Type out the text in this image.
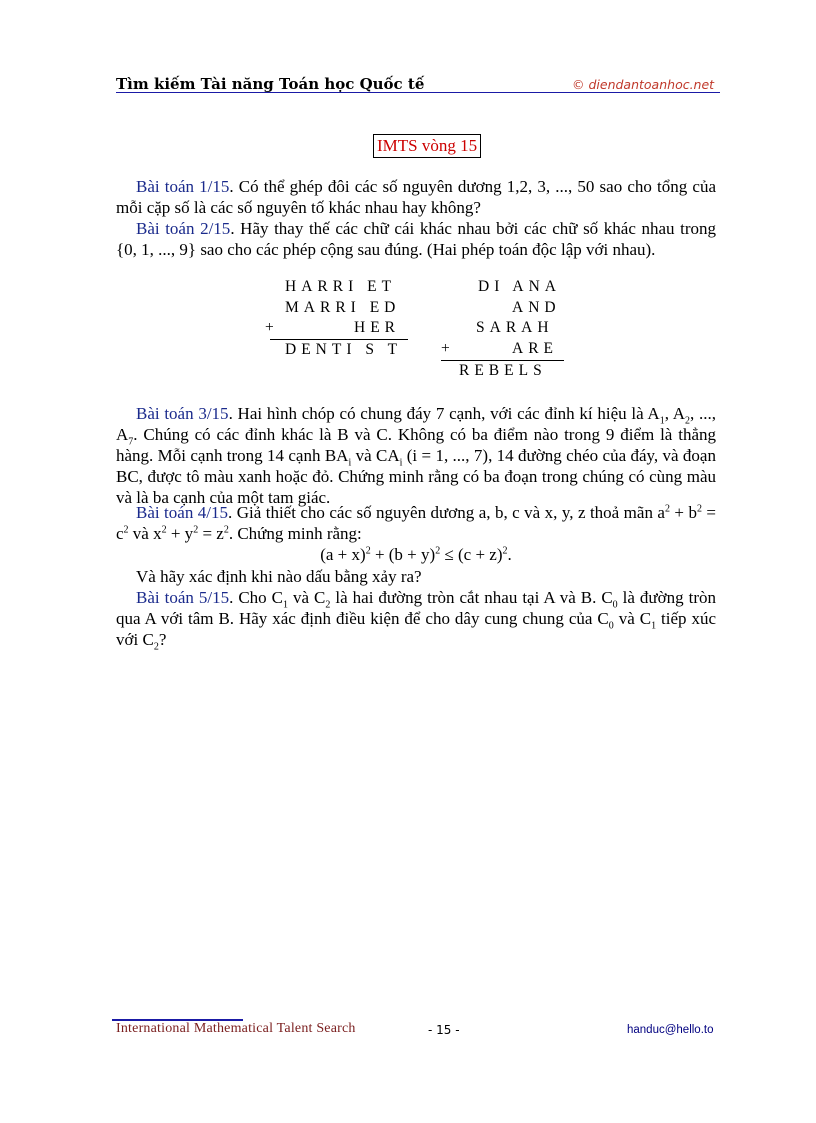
Tìm kiếm Tài năng Toán học Quốc tế	© diendantoanhoc.net
IMTS vòng 15
Bài toán 1/15. Có thể ghép đôi các số nguyên dương 1,2, 3, ..., 50 sao cho tổng của mỗi cặp số là các số nguyên tố khác nhau hay không?
Bài toán 2/15. Hãy thay thế các chữ cái khác nhau bởi các chữ số khác nhau trong {0, 1, ..., 9} sao cho các phép cộng sau đúng. (Hai phép toán độc lập với nhau).
HARRI ET
MARRI ED
+	HER
DENTI S T
DI ANA
AND
SARAH
+	ARE
REBELS
Bài toán 3/15. Hai hình chóp có chung đáy 7 cạnh, với các đỉnh kí hiệu là $A_1$, $A_2$, ..., $A_7$. Chúng có các đỉnh khác là B và C. Không có ba điểm nào trong 9 điểm là thẳng hàng. Mỗi cạnh trong 14 cạnh $BA_i$ và $CA_i$ (i = 1, ..., 7), 14 đường chéo của đáy, và đoạn BC, được tô màu xanh hoặc đỏ. Chứng minh rằng có ba đoạn trong chúng có cùng màu và là ba cạnh của một tam giác.
Bài toán 4/15. Giả thiết cho các số nguyên dương a, b, c và x, y, z thoả mãn $a^2 + b^2 = c^2$ và $x^2 + y^2 = z^2$. Chứng minh rằng:
$(a + x)^2 + (b + y)^2 \le (c + z)^2$.
Và hãy xác định khi nào dấu bằng xảy ra?
Bài toán 5/15. Cho $C_1$ và $C_2$ là hai đường tròn cắt nhau tại A và B. $C_0$ là đường tròn qua A với tâm B. Hãy xác định điều kiện để cho dây cung chung của $C_0$ và $C_1$ tiếp xúc với $C_2$?
International Mathematical Talent Search	- 15 -	handuc@hello.to
